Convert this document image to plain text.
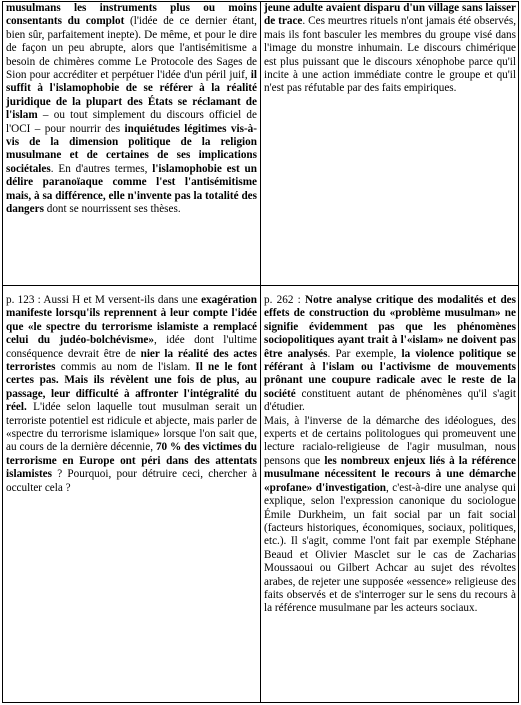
musulmans les instruments plus ou moins consentants du complot (l'idée de ce dernier étant, bien sûr, parfaitement inepte). De même, et pour le dire de façon un peu abrupte, alors que l'antisémitisme a besoin de chimères comme Le Protocole des Sages de Sion pour accréditer et perpétuer l'idée d'un péril juif, il suffit à l'islamophobie de se référer à la réalité juridique de la plupart des États se réclamant de l'islam – ou tout simplement du discours officiel de l'OCI – pour nourrir des inquiétudes légitimes vis-à-vis de la dimension politique de la religion musulmane et de certaines de ses implications sociétales. En d'autres termes, l'islamophobie est un délire paranoïaque comme l'est l'antisémitisme mais, à sa différence, elle n'invente pas la totalité des dangers dont se nourrissent ses thèses.

jeune adulte avaient disparu d'un village sans laisser de trace. Ces meurtres rituels n'ont jamais été observés, mais ils font basculer les membres du groupe visé dans l'image du monstre inhumain. Le discours chimérique est plus puissant que le discours xénophobe parce qu'il incite à une action immédiate contre le groupe et qu'il n'est pas réfutable par des faits empiriques.

p. 123 : Aussi H et M versent-ils dans une exagération manifeste lorsqu'ils reprennent à leur compte l'idée que «le spectre du terrorisme islamiste a remplacé celui du judéo-bolchévisme», idée dont l'ultime conséquence devrait être de nier la réalité des actes terroristes commis au nom de l'islam. Il ne le font certes pas. Mais ils révèlent une fois de plus, au passage, leur difficulté à affronter l'intégralité du réel. L'idée selon laquelle tout musulman serait un terroriste potentiel est ridicule et abjecte, mais parler de «spectre du terrorisme islamique» lorsque l'on sait que, au cours de la dernière décennie, 70 % des victimes du terrorisme en Europe ont péri dans des attentats islamistes ? Pourquoi, pour détruire ceci, chercher à occulter cela ?

p. 262 : Notre analyse critique des modalités et des effets de construction du «problème musulman» ne signifie évidemment pas que les phénomènes sociopolitiques ayant trait à l'«islam» ne doivent pas être analysés. Par exemple, la violence politique se référant à l'islam ou l'activisme de mouvements prônant une coupure radicale avec le reste de la société constituent autant de phénomènes qu'il s'agit d'étudier.

Mais, à l'inverse de la démarche des idéologues, des experts et de certains politologues qui promeuvent une lecture racialo-religieuse de l'agir musulman, nous pensons que les nombreux enjeux liés à la référence musulmane nécessitent le recours à une démarche «profane» d'investigation, c'est-à-dire une analyse qui explique, selon l'expression canonique du sociologue Émile Durkheim, un fait social par un fait social (facteurs historiques, économiques, sociaux, politiques, etc.). Il s'agit, comme l'ont fait par exemple Stéphane Beaud et Olivier Masclet sur le cas de Zacharias Moussaoui ou Gilbert Achcar au sujet des révoltes arabes, de rejeter une supposée «essence» religieuse des faits observés et de s'interroger sur le sens du recours à la référence musulmane par les acteurs sociaux.
